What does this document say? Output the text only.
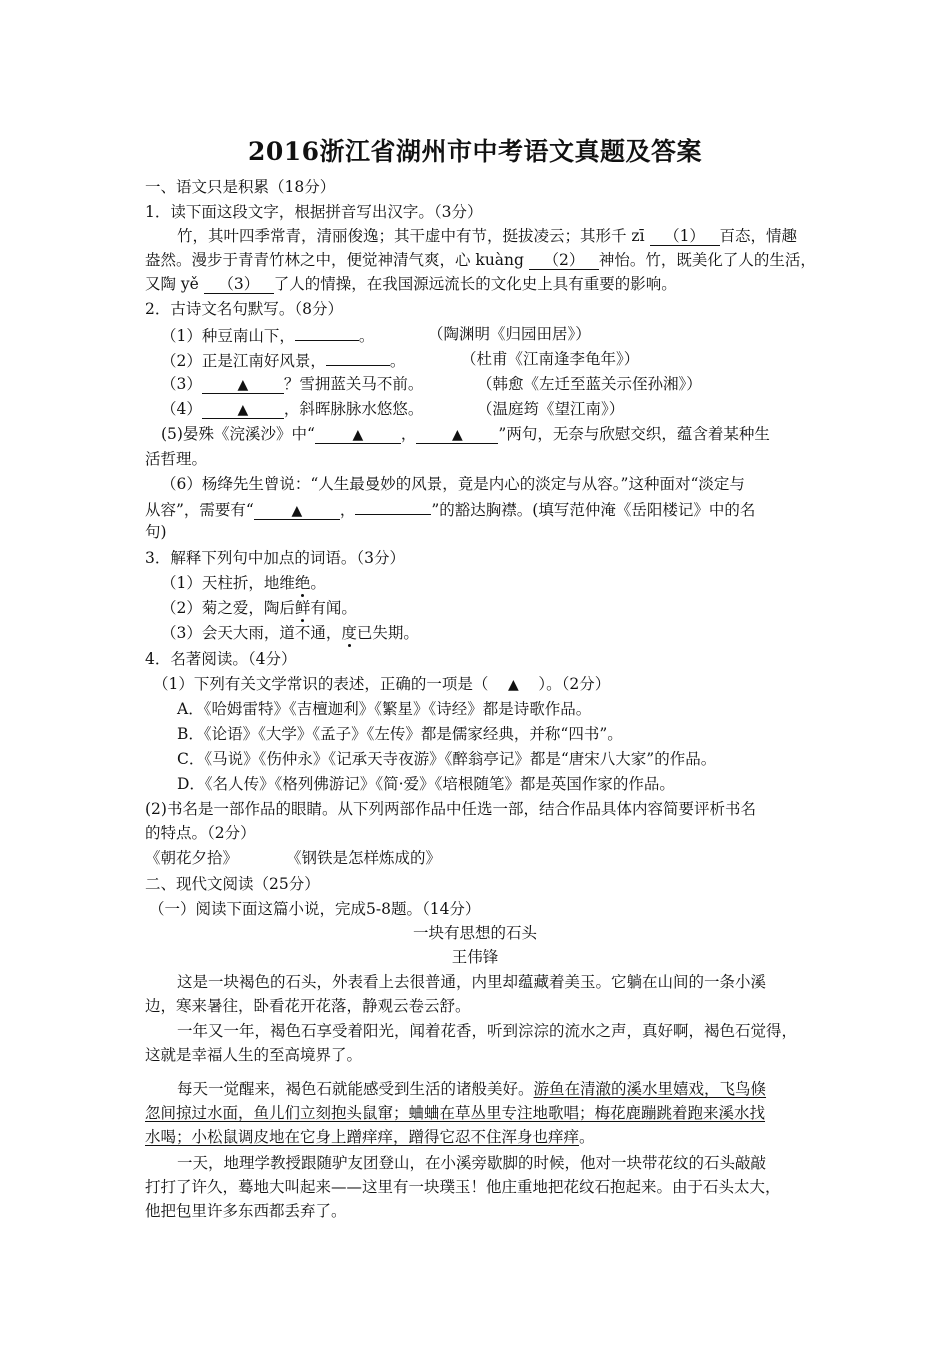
2016浙江省湖州市中考语文真题及答案
一、语文只是积累（18分）
1．读下面这段文字，根据拼音写出汉字。（3分）
竹，其叶四季常青，清丽俊逸；其干虚中有节，挺拔凌云；其形千 zī （1） 百态，情趣
盎然。漫步于青青竹林之中，便觉神清气爽，心 kuàng （2） 神怡。竹，既美化了人的生活，
又陶 yě （3） 了人的情操，在我国源远流长的文化史上具有重要的影响。
2．古诗文名句默写。（8分）
（1）种豆南山下，	。	（陶渊明《归园田居》）
（2）正是江南好风景，	。	（杜甫《江南逢李龟年》）
（3）	▲ ？雪拥蓝关马不前。	（韩愈《左迁至蓝关示侄孙湘》）
（4）	▲ ，斜晖脉脉水悠悠。	（温庭筠《望江南》）
(5)晏殊《浣溪沙》中“	▲ ，	▲ ”两句，无奈与欣慰交织，蕴含着某种生
活哲理。
（6）杨绛先生曾说：“人生最曼妙的风景，竟是内心的淡定与从容。”这种面对“淡定与
从容”，需要有“	▲ ，	”的豁达胸襟。(填写范仲淹《岳阳楼记》中的名
句)
3．解释下列句中加点的词语。（3分）
（1）天柱折，地维绝。
（2）菊之爱，陶后鲜有闻。
（3）会天大雨，道不通，度已失期。
4．名著阅读。（4分）
（1）下列有关文学常识的表述，正确的一项是（ ▲ ）。（2分）
A．《哈姆雷特》《吉檀迦利》《繁星》《诗经》都是诗歌作品。
B．《论语》《大学》《孟子》《左传》都是儒家经典，并称“四书”。
C．《马说》《伤仲永》《记承天寺夜游》《醉翁亭记》都是“唐宋八大家”的作品。
D．《名人传》《格列佛游记》《简·爱》《培根随笔》都是英国作家的作品。
(2)书名是一部作品的眼睛。从下列两部作品中任选一部，结合作品具体内容简要评析书名
的特点。（2分）
《朝花夕拾》	《钢铁是怎样炼成的》
二、现代文阅读（25分）
（一）阅读下面这篇小说，完成5-8题。（14分）
一块有思想的石头
王伟锋
这是一块褐色的石头，外表看上去很普通，内里却蕴藏着美玉。它躺在山间的一条小溪
边，寒来暑往，卧看花开花落，静观云卷云舒。
一年又一年，褐色石享受着阳光，闻着花香，听到淙淙的流水之声，真好啊，褐色石觉得，
这就是幸福人生的至高境界了。
每天一觉醒来，褐色石就能感受到生活的诸般美好。游鱼在清澈的溪水里嬉戏，飞鸟倏
忽间掠过水面，鱼儿们立刻抱头鼠窜；蛐蛐在草丛里专注地歌唱；梅花鹿蹦跳着跑来溪水找
水喝；小松鼠调皮地在它身上蹭痒痒，蹭得它忍不住浑身也痒痒。
一天，地理学教授跟随驴友团登山，在小溪旁歇脚的时候，他对一块带花纹的石头敲敲
打打了许久，蓦地大叫起来——这里有一块璞玉！他庄重地把花纹石抱起来。由于石头太大，
他把包里许多东西都丢弃了。
